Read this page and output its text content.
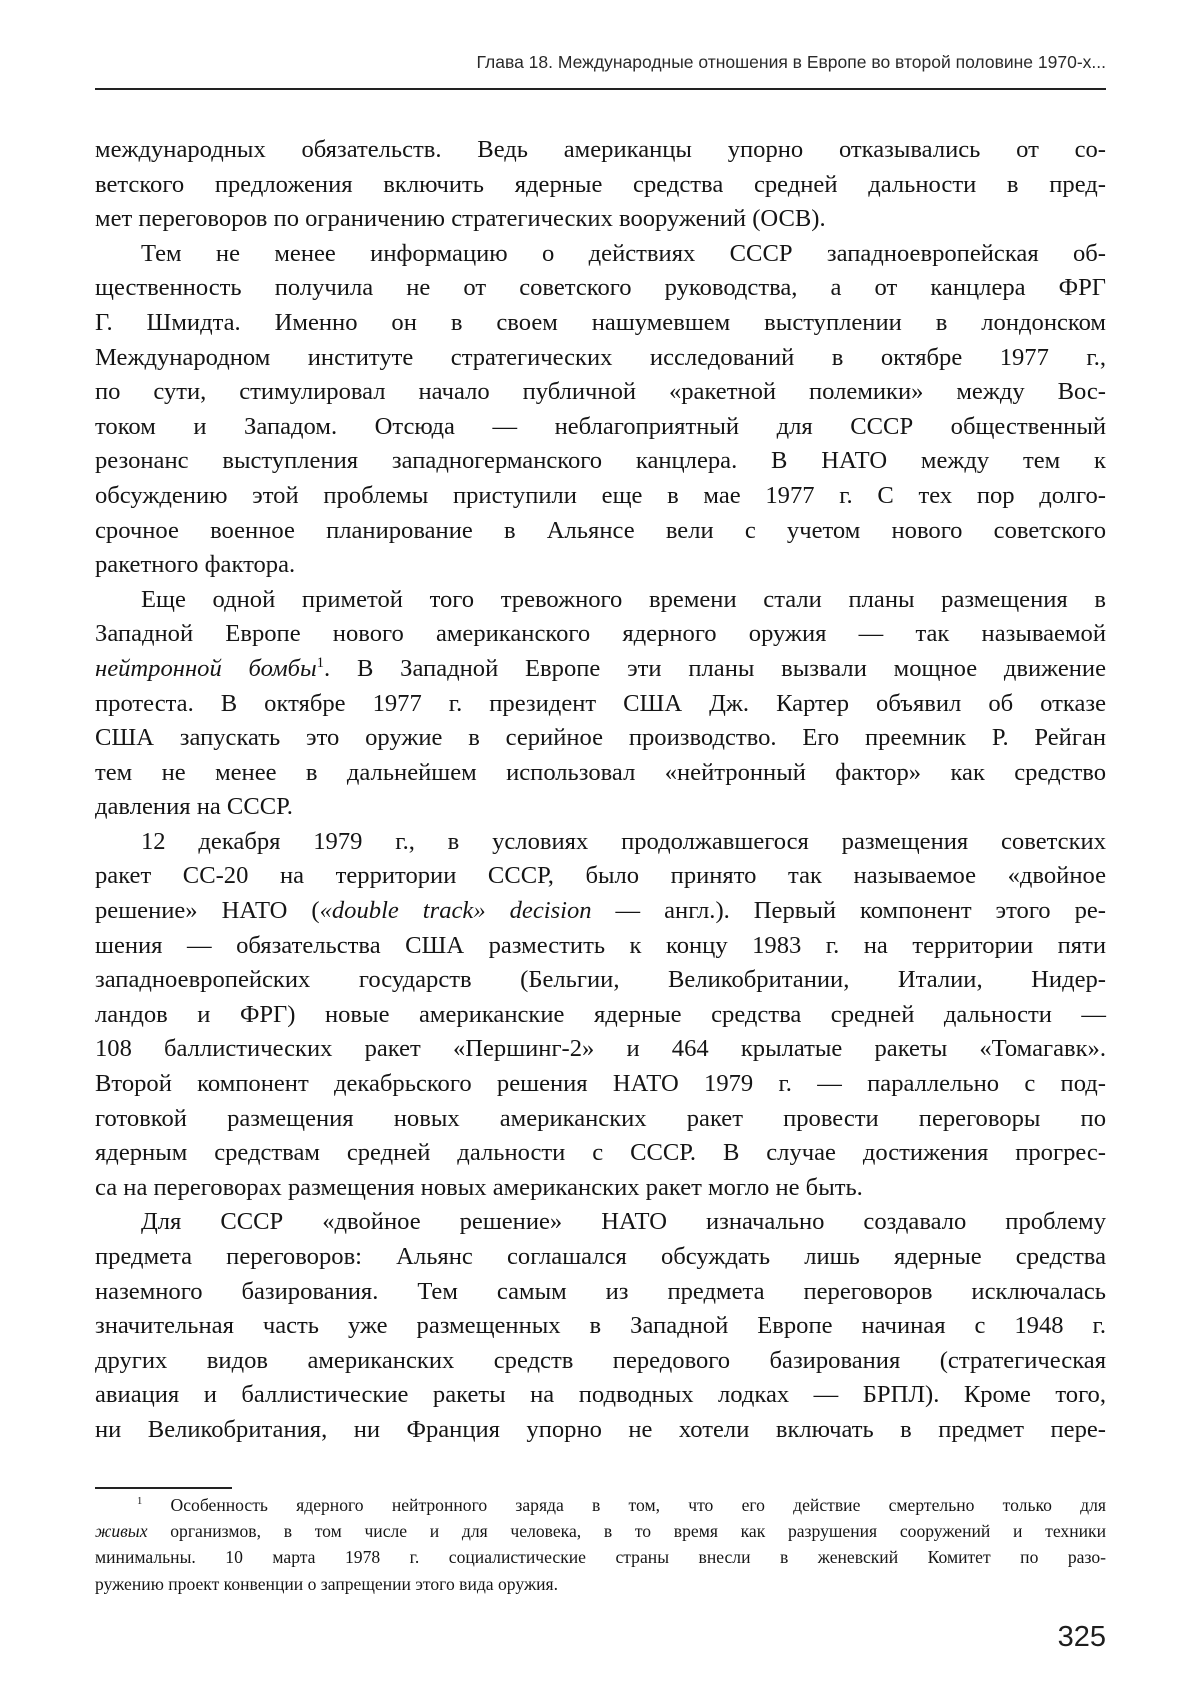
Глава 18. Международные отношения в Европе во второй половине 1970-х...
международных обязательств. Ведь американцы упорно отказывались от со-
ветского предложения включить ядерные средства средней дальности в пред-
мет переговоров по ограничению стратегических вооружений (ОСВ).
Тем не менее информацию о действиях СССР западноевропейская об-
щественность получила не от советского руководства, а от канцлера ФРГ
Г. Шмидта. Именно он в своем нашумевшем выступлении в лондонском
Международном институте стратегических исследований в октябре 1977 г.,
по сути, стимулировал начало публичной «ракетной полемики» между Вос-
током и Западом. Отсюда — неблагоприятный для СССР общественный
резонанс выступления западногерманского канцлера. В НАТО между тем к
обсуждению этой проблемы приступили еще в мае 1977 г. С тех пор долго-
срочное военное планирование в Альянсе вели с учетом нового советского
ракетного фактора.
Еще одной приметой того тревожного времени стали планы размещения в
Западной Европе нового американского ядерного оружия — так называемой
нейтронной бомбы$^1$. В Западной Европе эти планы вызвали мощное движение
протеста. В октябре 1977 г. президент США Дж. Картер объявил об отказе
США запускать это оружие в серийное производство. Его преемник Р. Рейган
тем не менее в дальнейшем использовал «нейтронный фактор» как средство
давления на СССР.
12 декабря 1979 г., в условиях продолжавшегося размещения советских
ракет СС-20 на территории СССР, было принято так называемое «двойное
решение» НАТО («double track» decision — англ.). Первый компонент этого ре-
шения — обязательства США разместить к концу 1983 г. на территории пяти
западноевропейских государств (Бельгии, Великобритании, Италии, Нидер-
ландов и ФРГ) новые американские ядерные средства средней дальности —
108 баллистических ракет «Першинг-2» и 464 крылатые ракеты «Томагавк».
Второй компонент декабрьского решения НАТО 1979 г. — параллельно с под-
готовкой размещения новых американских ракет провести переговоры по
ядерным средствам средней дальности с СССР. В случае достижения прогрес-
са на переговорах размещения новых американских ракет могло не быть.
Для СССР «двойное решение» НАТО изначально создавало проблему
предмета переговоров: Альянс соглашался обсуждать лишь ядерные средства
наземного базирования. Тем самым из предмета переговоров исключалась
значительная часть уже размещенных в Западной Европе начиная с 1948 г.
других видов американских средств передового базирования (стратегическая
авиация и баллистические ракеты на подводных лодках — БРПЛ). Кроме того,
ни Великобритания, ни Франция упорно не хотели включать в предмет пере-
$^1$ Особенность ядерного нейтронного заряда в том, что его действие смертельно только для
живых организмов, в том числе и для человека, в то время как разрушения сооружений и техники
минимальны. 10 марта 1978 г. социалистические страны внесли в женевский Комитет по разо-
ружению проект конвенции о запрещении этого вида оружия.
325
